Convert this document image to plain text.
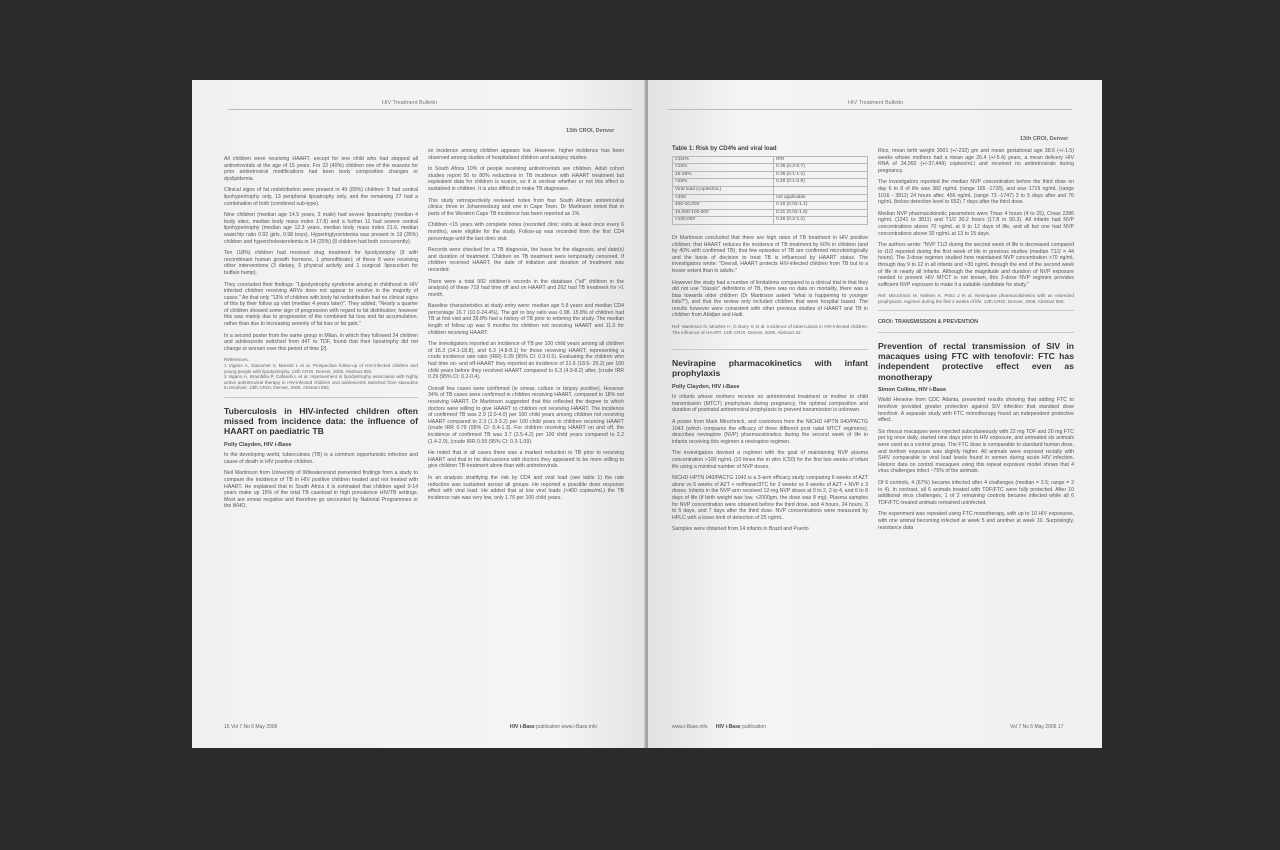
HIV Treatment Bulletin
13th CROI, Denver

All children were receiving HAART, except for one child who had stopped all antiretrovirals at the age of 15 years. For 22 (40%) children one of the reasons for prior antiretroviral modifications had been body composition changes or dyslipidemia.

Clinical signs of fat redistribution were present in 49 (89%) children: 9 had central lipohypertrophy only, 13 peripheral lipoatrophy only, and the remaining 27 had a combination of both (combined sub-type).

Nine children (median age 14.5 years, 3 male) had severe lipoatrophy (median 4 body sites, median body mass index 17.8) and a further 11 had severe central lipohypertrophy (median age 12.3 years, median body mass index 21.6, median waist:hip ratio 0.92 girls, 0.98 boys). Hypertriglyceridemia was present in 19 (35%) children and hypercholesterolemia in 14 (25%) (8 children had both concurrently).

Ten (18%) children had received drug treatment for lipodystrophy (9 with recombinant human growth hormone, 1 phenofibrate); of these 8 were receiving other interventions (3 dietary, 5 physical activity and 1 surgical: liposuction for buffalo hump).

They concluded their findings: "Lipodystrophy syndrome arising in childhood in HIV infected children receiving ARVs does not appear to resolve in the majority of cases." An that only "13% of children with body fat redistribution had no clinical signs of this by their follow up visit (median 4 years later)". They added, "Nearly a quarter of children showed some sign of progression with regard to fat distribution; however this was mainly due to progression of the combined fat loss and fat accumulation, rather than due to increasing severity of fat loss or fat gain."

In a second poster from the same group in Milan, in which they followed 24 children and adolescents switched from d4T to TDF, found that their lipoatrophy did not change or worsen over this period of time [2].

References:
1 Vigano A, Giacomet V, Mariotti L et al. Prospective follow-up of HIV-infected children and young people with lipodystrophy. 13th CROI, Denver, 2006. Abstract 692.
2 Vigano A, Brambilla P, Cafarelli L et al. Improvement in lipodystrophy associated with highly active antiretroviral therapy in HIV-infected children and adolescents switched from stavudine to tenofovir. 13th CROI, Denver, 2006. Abstract 693.
Tuberculosis in HIV-infected children often missed from incidence data: the influence of HAART on paediatric TB
Polly Clayden, HIV i-Base

In the developing world, tuberculosis (TB) is a common opportunistic infection and cause of death in HIV positive children.

Neil Martinson from University of Witwatersrand presented findings from a study to compare the incidence of TB in HIV positive children treated and not treated with HAART. He explained that in South Africa it is estimated that children aged 0-14 years make up 15% of the total TB caseload in high prevalence HIV/TB settings. Most are smear negative and therefore go uncounted by National Programmes or the WHO,

so incidence among children appears low. However, higher incidence has been observed among studies of hospitalised children and autopsy studies.

In South Africa 10% of people receiving antiretrovirals are children. Adult cohort studies report 50 to 80% reductions in TB incidence with HAART treatment but equivalent data for children is scarce, so it is unclear whether or not this effect is sustained in children. It is also difficult to make TB diagnoses.

This study retrospectively reviewed notes from four South African antiretroviral clinics; three in Johannesburg and one in Cape Town. Dr Martinson noted that in parts of the Western Cape TB incidence has been reported as 1%.

Children <15 years with complete notes (recorded clinic visits at least once every 6 months), were eligible for the study. Follow-up was recorded from the first CD4 percentage until the last clinic visit.

Records were checked for a TB diagnosis, the basis for the diagnosis, and date(s) and duration of treatment. Children on TB treatment were temporarily censored. If children received HAART, the date of initiation and duration of treatment was recorded.

There were a total 992 children's records in the database ("all" children in the analysis) of these 719 had time off and on HAART and 262 had TB treatment for >1 month.

Baseline characteristics at study entry were: median age 5.8 years and median CD4 percentage 16.7 (10.0-24.4%). The girl to boy ratio was 0.98. 15.8% of children had TB at first visit and 39.8% had a history of TB prior to entering the study. The median length of follow up was 9 months for children not receiving HAART and 11.5 for children receiving HAART.

The investigators reported an incidence of TB per 100 child years among all children of 16.3 (14.1-18.8), and 6.3 (4.8-8.1) for those receiving HAART, representing a crude incidence rate ratio (IRR) 0.39 (95% CI: 0.3-0.5). Evaluating the children who had time on- and off-HAART they reported an incidence of 21.6 (18.5- 25.2) per 100 child years before they received HAART compared to 6.3 (4.9-8.2) after, (crude IRR 0.29 (95% CI: 0.2-0.4).

Overall few cases were confirmed (ie smear, culture or biopsy positive). However 34% of TB cases were confirmed in children receiving HAART, compared to 18% not receiving HAART. Dr Martinson suggested that this reflected the degree to which doctors were willing to give HAART to children not receiving HAART. The incidence of confirmed TB was 2.9 (2.0-4.0) per 100 child years among children not receiving HAART compared to 2.3 (1.3-3.2) per 100 child years in children receiving HAART (crude IRR 0.79 (95% CI: 0.4-1.3). For children receiving HAART on and off, the incidence of confirmed TB was 3.7 (2.5-4.2) per 100 child years compared to 2.2 (1.4-2.9), (crude IRR 0.59 (95% CI: 0.3-1.09).

He noted that in all cases there was a marked reduction in TB prior to receiving HAART and that in his discussions with doctors they appeared to be more willing to give children TB treatment alone than with antiretrovirals.

In an analysis stratifying the risk by CD4 and viral load (see table 1) the rate reduction was sustained across all groups. He reported a possible dose response effect with viral load. He added that at low viral loads (<400 copies/mL) the TB incidence rate was very low, only 1.76 per 100 child years.

16 Vol 7 No 5 May 2006	HIV i-Base publication www.i-Base.info
HIV Treatment Bulletin
13th CROI, Denver
Table 1: Risk by CD4% and viral load
CD4%	IRR
<15%	0.36 (0.2-0.7)
15-25%	0.36 (0.1-1.2)
>25%	0.29 (0.1-0.9)
Viral load (copies/mL)	
<400	not applicable
400-10,000	0.18 (0.03-1.1)
10,000-100,000	0.31 (0.03-1.6)
>100,000	0.48 (0.2-1.2)

Dr Martinson concluded that there are high rates of TB treatment in HIV positive children; that HAART reduces the incidence of TB treatment by 60% in children (and by 40% with confirmed TB); that few episodes of TB are confirmed microbiologically and the basis of decision to treat TB is influenced by HAART status. The investigators wrote: "Overall, HAART protects HIV-infected children from TB but to a lesser extent than in adults."

However the study had a number of limitations compared to a clinical trial in that they did not use "classic" definitions of TB, there was no data on mortality, there was a bias towards older children (Dr Martinson asked "what is happening to younger kids?"), and that the review only included children that were hospital based. The results however were consistent with other previous studies of HAART and TB in children from Abidjan and Haiti.

Ref: Martinson N, Moultrie H, G Barry G et al. Incidence of tuberculosis in HIV-infected children: The influence of HAART. 13th CROI, Denver, 2006. Abstract 22.

Nevirapine pharmacokinetics with infant prophylaxis
Polly Clayden, HIV i-Base

In infants whose mothers receive no antiretroviral treatment or mother to child transmission (MTCT) prophylaxis during pregnancy, the optimal composition and duration of postnatal antiretroviral prophylaxis to prevent transmission is unknown.

A poster from Mark Mirochnick, and coworkers from the NICHD HPTN 040/PACTG 1043 (which compares the efficacy of three different post natal MTCT regimens), describes nevirapine (NVP) pharmacokinetics during the second week of life in infants receiving this regimen a nevirapine regimen.

The investigators devised a regimen with the goal of maintaining NVP plasma concentration >100 ng/mL (10 times the in vitro IC50) for the first two weeks of infant life using a minimal number of NVP doses.

NICHD HPTN 040/PACTG 1043 is a 3-arm efficacy study comparing 6 weeks of AZT alone vs 6 weeks of AZT + nelfinavir/3TC for 2 weeks vs 6 weeks of AZT + NVP x 3 doses. Infants in the NVP arm received 12-mg NVP doses at 0 to 2, 2 to 4, and 6 to 8 days of life (if birth weight was low, <2000gm, the dose was 8 mg). Plasma samples for NVP concentration were obtained before the third dose, and 4 hours, 24 hours, 3 to 5 days, and 7 days after the third dose. NVP concentrations were measured by HPLC with a lower limit of detection of 25 ng/mL.

Samples were obtained from 14 infants in Brazil and Puerto

Rico, mean birth weight 3001 (+/-232) gm and mean gestational age 38.6 (+/-1.5) weeks whose mothers had a mean age 26.4 (+/-5.4) years, a mean delivery HIV RNA of 34,992 (+/-37,449) copies/mL) and received no antiretrovirals during pregnancy.

The investigators reported the median NVP concentration before the third dose on day 6 to 8 of life was 382 ng/mL (range 165 -1728), and was 1719 ng/mL (range 1016 - 3811) 24 hours after, 456 ng/mL (range 73 -1747) 3 to 5 days after and 76 ng/mL (below detection level to 652) 7 days after the third dose.

Median NVP pharmacokinetic parameters were Tmax 4 hours (4 to 25), Cmax 2286 ng/mL (1241 to 3811) and T1/2 30.2 hours (17.8 to 50.3). All infants had NVP concentrations above 70 ng/mL at 9 to 12 days of life, and all but one had NVP concentrations above 30 ng/mL at 13 to 15 days.

The authors wrote: "NVP T1/2 during the second week of life is decreased compared to t1/2 reported during the first week of life in previous studies (median T1/2 = 44 hours). The 3-dose regimen studied here maintained NVP concentration >70 ng/mL through day 9 to 12 in all infants and >30 ng/mL through the end of the second week of life in nearly all infants. Although the magnitude and duration of NVP exposure needed to prevent HIV MTCT is not known, this 3-dose NVP regimen provides sufficient NVP exposure to make it a suitable candidate for study."

Ref: Mirochnick M, Nielsen K, Pinto J et al. Nevirapine pharmacokinetics with an extended prophylactic regimen during the first 2 weeks of life. 13th CROI, Denver, 2006. Abstract 680.

CROI: TRANSMISSION & PREVENTION
Prevention of rectal transmission of SIV in macaques using FTC with tenofovir: FTC has independent protective effect even as monotherapy
Simon Collins, HIV i-Base

Walid Heneine from CDC Atlanta, presented results showing that adding FTC to tenofovir provided greater protection against SIV infection that standard dose tenofovir. A separate study with FTC monotherapy found an independent protective effect.

Six rhesus macaques were injected subcutaneously with 22 mg TDF and 20 mg FTC per kg once daily, started nine days prior to HIV exposure, and untreated six animals were used as a control group. The FTC dose is comparable to standard human dose, and tenfovir exposure was slightly higher. All animals were exposed rectally with SHIV comparable to viral load levels found in semen during acute HIV infection. Historic data on control macaques using this repeat exposure model shows that 4 virus challenges infect ~75% of the animals.

Of 6 controls, 4 (67%) became infected after 4 challenges (median = 2.5; range = 2 to 4). In contrast, all 6 animals treated with TDF/FTC were fully protected. After 10 additional virus challenges, 1 of 2 remaining controls became infected while all 6 TDF/FTC-treated animals remained uninfected.

The experiment was repeated using FTC monotherapy, with up to 10 HIV exposures, with one animal becoming infected at week 5 and another at week 10. Surprisingly, resistance data

www.i-Base.info HIV i-Base publication	Vol 7 No 5 May 2006 17
